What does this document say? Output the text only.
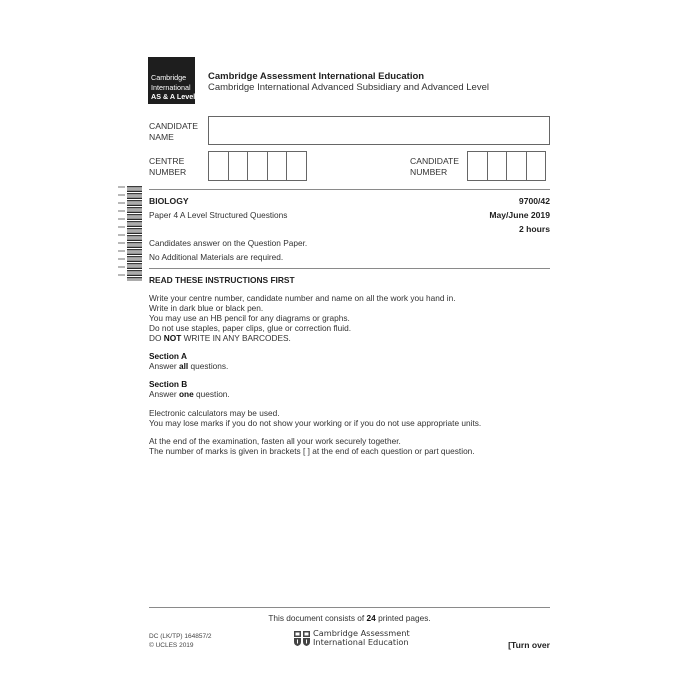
Cambridge
International
AS & A Level
Cambridge Assessment International Education
Cambridge International Advanced Subsidiary and Advanced Level
CANDIDATE
NAME
CENTRE
NUMBER
CANDIDATE
NUMBER
BIOLOGY	9700/42
Paper 4 A Level Structured Questions	May/June 2019
2 hours
Candidates answer on the Question Paper.
No Additional Materials are required.
READ THESE INSTRUCTIONS FIRST
Write your centre number, candidate number and name on all the work you hand in.
Write in dark blue or black pen.
You may use an HB pencil for any diagrams or graphs.
Do not use staples, paper clips, glue or correction fluid.
DO NOT WRITE IN ANY BARCODES.
Section A
Answer all questions.
Section B
Answer one question.
Electronic calculators may be used.
You may lose marks if you do not show your working or if you do not use appropriate units.
At the end of the examination, fasten all your work securely together.
The number of marks is given in brackets [ ] at the end of each question or part question.
This document consists of 24 printed pages.
DC (LK/TP) 164857/2
© UCLES 2019
Cambridge Assessment
International Education	[Turn over
